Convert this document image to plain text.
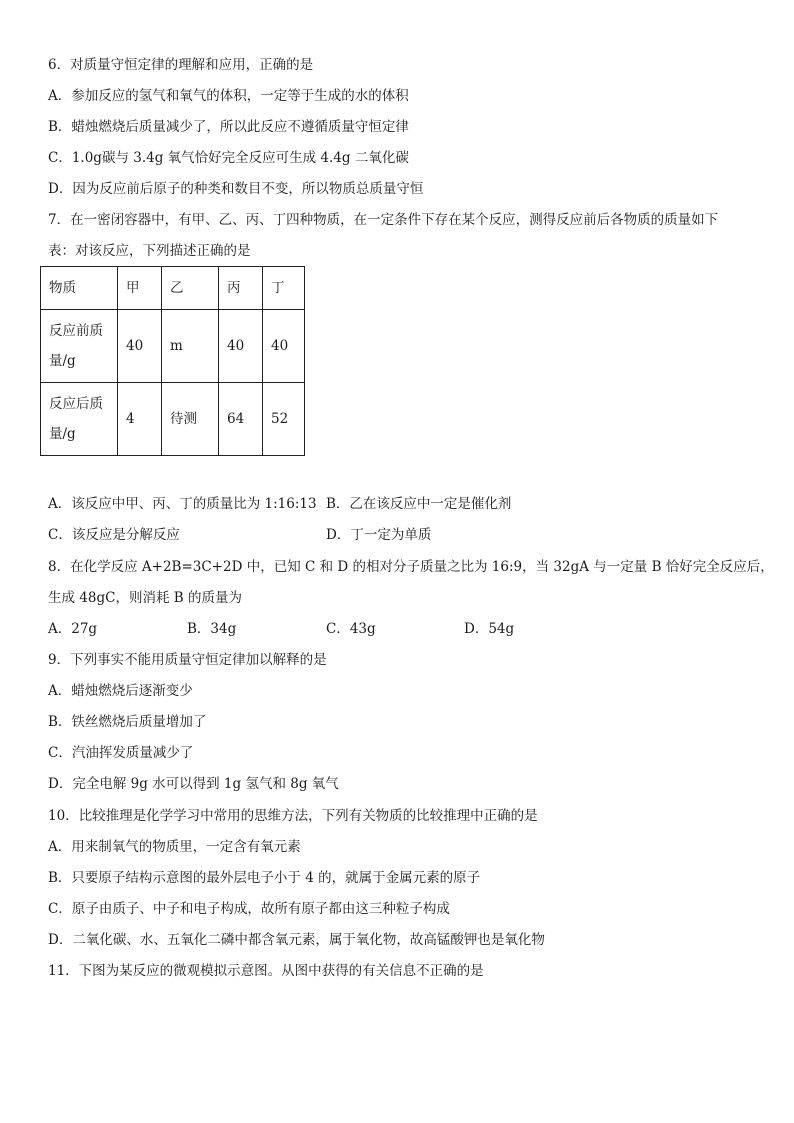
6．对质量守恒定律的理解和应用，正确的是
A．参加反应的氢气和氧气的体积，一定等于生成的水的体积
B．蜡烛燃烧后质量减少了，所以此反应不遵循质量守恒定律
C．1.0g碳与 3.4g 氧气恰好完全反应可生成 4.4g 二氧化碳
D．因为反应前后原子的种类和数目不变，所以物质总质量守恒
7．在一密闭容器中，有甲、乙、丙、丁四种物质，在一定条件下存在某个反应，测得反应前后各物质的质量如下
表：对该反应，下列描述正确的是
物质	甲	乙	丙	丁
反应前质
量/g	40	m	40	40
反应后质
量/g	4	待测	64	52
A．该反应中甲、丙、丁的质量比为 1:16:13 B．乙在该反应中一定是催化剂
C．该反应是分解反应	D．丁一定为单质
8．在化学反应 A+2B=3C+2D 中，已知 C 和 D 的相对分子质量之比为 16:9，当 32gA 与一定量 B 恰好完全反应后，
生成 48gC，则消耗 B 的质量为
A．27g	B．34g	C．43g	D．54g
9．下列事实不能用质量守恒定律加以解释的是
A．蜡烛燃烧后逐渐变少
B．铁丝燃烧后质量增加了
C．汽油挥发质量减少了
D．完全电解 9g 水可以得到 1g 氢气和 8g 氧气
10．比较推理是化学学习中常用的思维方法，下列有关物质的比较推理中正确的是
A．用来制氧气的物质里，一定含有氧元素
B．只要原子结构示意图的最外层电子小于 4 的，就属于金属元素的原子
C．原子由质子、中子和电子构成，故所有原子都由这三种粒子构成
D．二氧化碳、水、五氧化二磷中都含氧元素，属于氧化物，故高锰酸钾也是氧化物
11．下图为某反应的微观模拟示意图。从图中获得的有关信息不正确的是
